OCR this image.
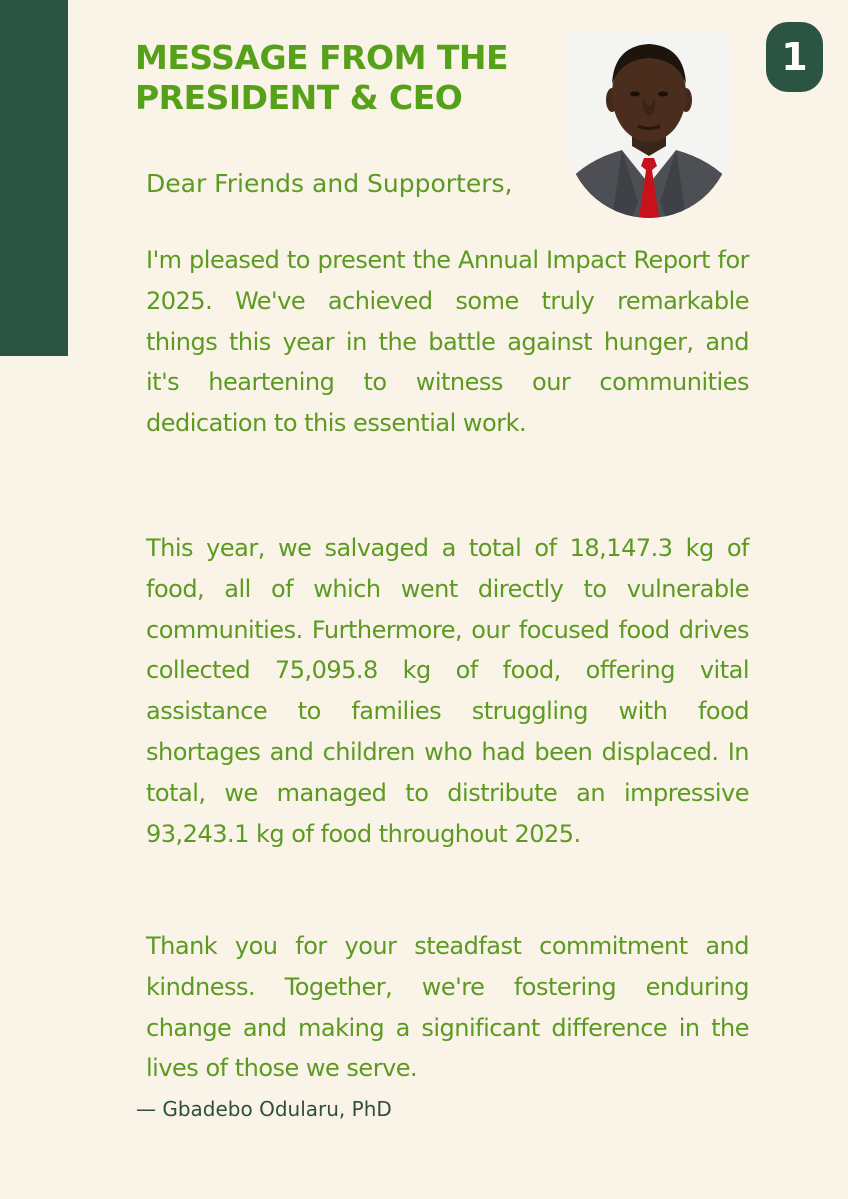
1
MESSAGE FROM THE
PRESIDENT & CEO

Dear Friends and Supporters,

I'm pleased to present the Annual Impact Report for 2025. We've achieved some truly remarkable things this year in the battle against hunger, and it's heartening to witness our communities dedication to this essential work.

This year, we salvaged a total of 18,147.3 kg of food, all of which went directly to vulnerable communities. Furthermore, our focused food drives collected 75,095.8 kg of food, offering vital assistance to families struggling with food shortages and children who had been displaced. In total, we managed to distribute an impressive 93,243.1 kg of food throughout 2025.

Thank you for your steadfast commitment and kindness. Together, we're fostering enduring change and making a significant difference in the lives of those we serve.

— Gbadebo Odularu, PhD
